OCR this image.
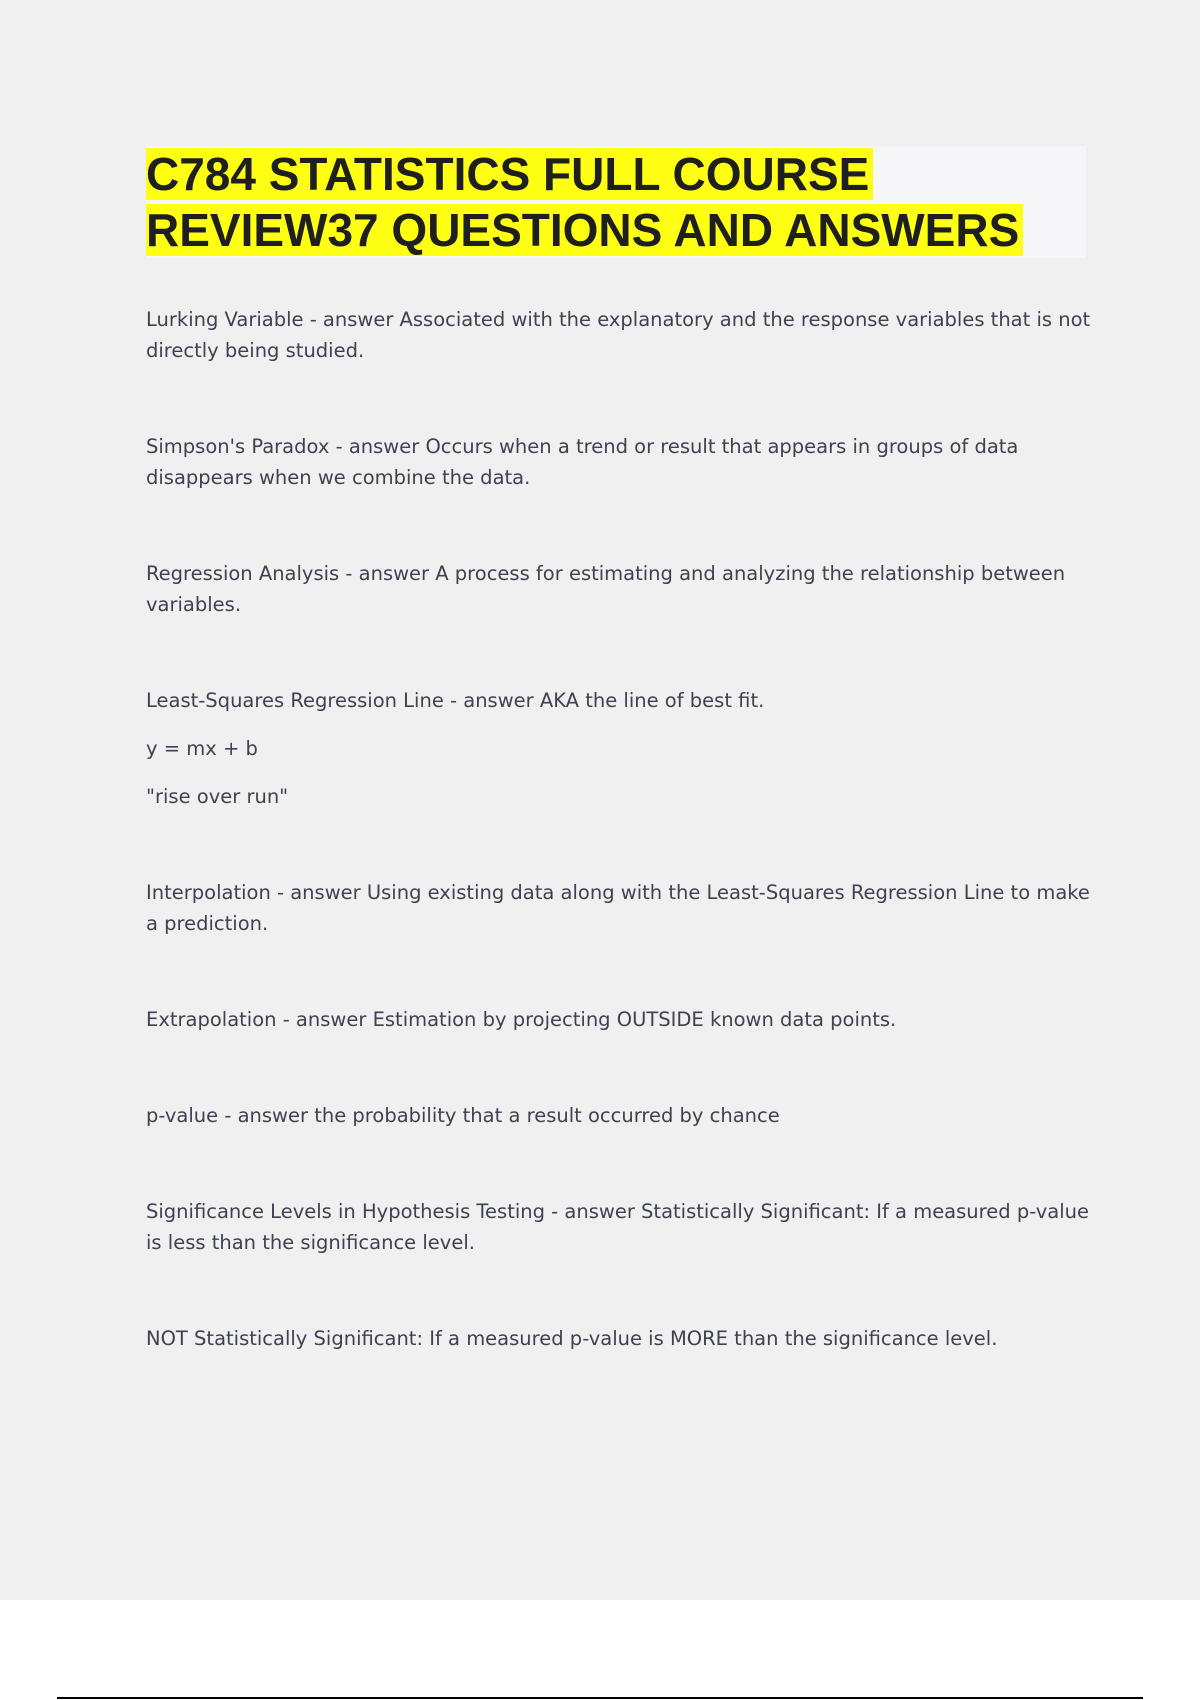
C784 STATISTICS FULL COURSE REVIEW37 QUESTIONS AND ANSWERS

Lurking Variable - answer Associated with the explanatory and the response variables that is not directly being studied.

Simpson's Paradox - answer Occurs when a trend or result that appears in groups of data disappears when we combine the data.

Regression Analysis - answer A process for estimating and analyzing the relationship between variables.

Least-Squares Regression Line - answer AKA the line of best fit.

y = mx + b

"rise over run"

Interpolation - answer Using existing data along with the Least-Squares Regression Line to make a prediction.

Extrapolation - answer Estimation by projecting OUTSIDE known data points.

p-value - answer the probability that a result occurred by chance

Significance Levels in Hypothesis Testing - answer Statistically Significant: If a measured p-value is less than the significance level.

NOT Statistically Significant: If a measured p-value is MORE than the significance level.
